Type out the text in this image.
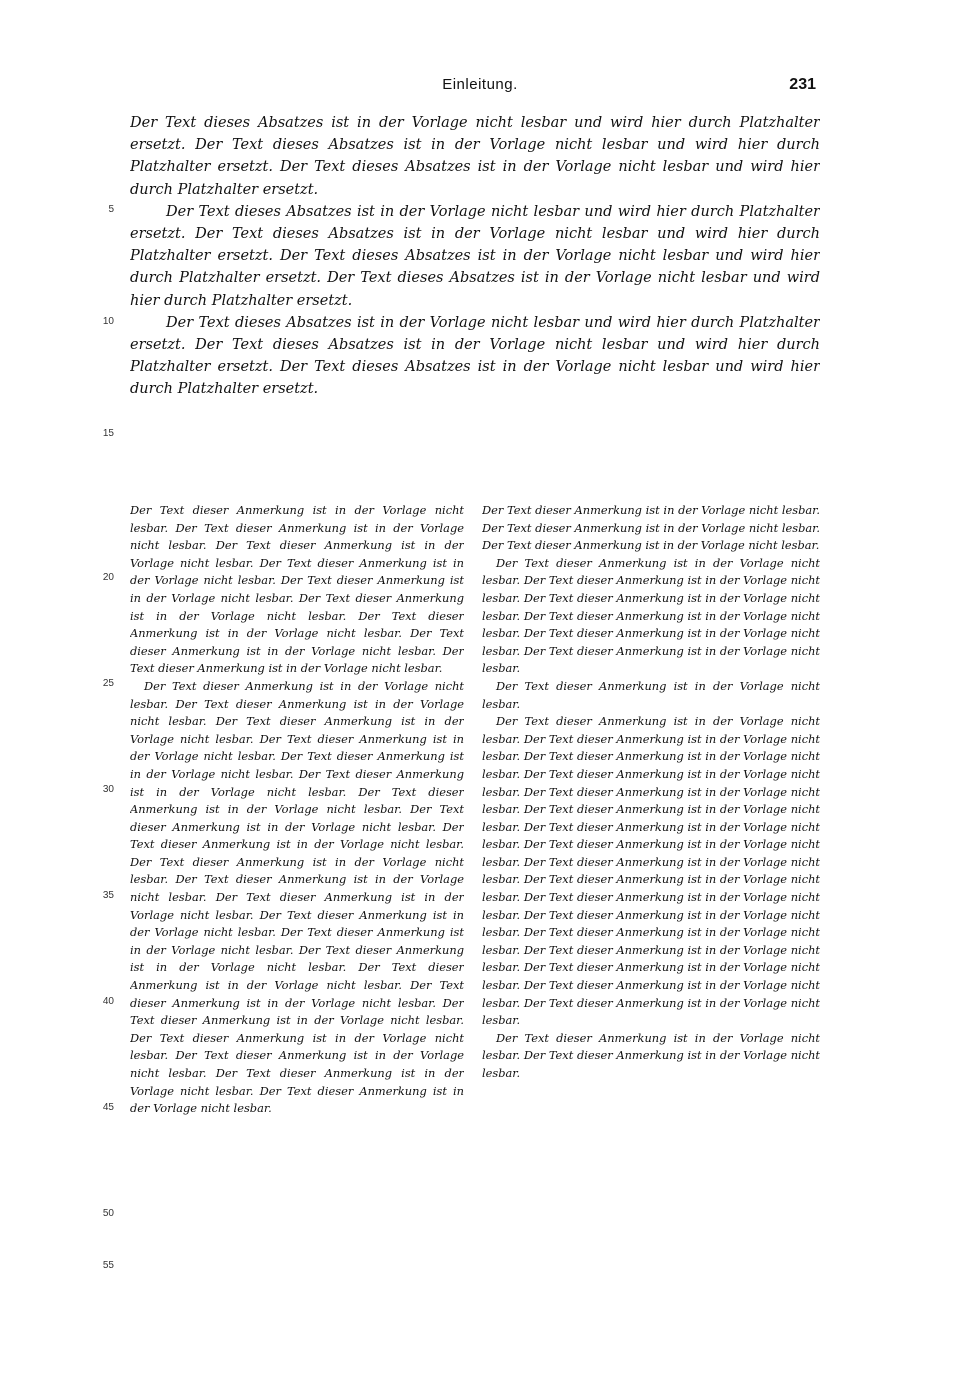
Einleitung.	231
5
10
15

Der Text dieses Absatzes ist in der Vorlage nicht lesbar und wird hier durch Platzhalter ersetzt. Der Text dieses Absatzes ist in der Vorlage nicht lesbar und wird hier durch Platzhalter ersetzt. Der Text dieses Absatzes ist in der Vorlage nicht lesbar und wird hier durch Platzhalter ersetzt.

Der Text dieses Absatzes ist in der Vorlage nicht lesbar und wird hier durch Platzhalter ersetzt. Der Text dieses Absatzes ist in der Vorlage nicht lesbar und wird hier durch Platzhalter ersetzt. Der Text dieses Absatzes ist in der Vorlage nicht lesbar und wird hier durch Platzhalter ersetzt. Der Text dieses Absatzes ist in der Vorlage nicht lesbar und wird hier durch Platzhalter ersetzt.

Der Text dieses Absatzes ist in der Vorlage nicht lesbar und wird hier durch Platzhalter ersetzt. Der Text dieses Absatzes ist in der Vorlage nicht lesbar und wird hier durch Platzhalter ersetzt. Der Text dieses Absatzes ist in der Vorlage nicht lesbar und wird hier durch Platzhalter ersetzt.

20
25
30
35
40
45
50
55

Der Text dieser Anmerkung ist in der Vorlage nicht lesbar. Der Text dieser Anmerkung ist in der Vorlage nicht lesbar. Der Text dieser Anmerkung ist in der Vorlage nicht lesbar. Der Text dieser Anmerkung ist in der Vorlage nicht lesbar. Der Text dieser Anmerkung ist in der Vorlage nicht lesbar. Der Text dieser Anmerkung ist in der Vorlage nicht lesbar. Der Text dieser Anmerkung ist in der Vorlage nicht lesbar. Der Text dieser Anmerkung ist in der Vorlage nicht lesbar. Der Text dieser Anmerkung ist in der Vorlage nicht lesbar.

Der Text dieser Anmerkung ist in der Vorlage nicht lesbar. Der Text dieser Anmerkung ist in der Vorlage nicht lesbar. Der Text dieser Anmerkung ist in der Vorlage nicht lesbar. Der Text dieser Anmerkung ist in der Vorlage nicht lesbar. Der Text dieser Anmerkung ist in der Vorlage nicht lesbar. Der Text dieser Anmerkung ist in der Vorlage nicht lesbar. Der Text dieser Anmerkung ist in der Vorlage nicht lesbar. Der Text dieser Anmerkung ist in der Vorlage nicht lesbar. Der Text dieser Anmerkung ist in der Vorlage nicht lesbar. Der Text dieser Anmerkung ist in der Vorlage nicht lesbar. Der Text dieser Anmerkung ist in der Vorlage nicht lesbar. Der Text dieser Anmerkung ist in der Vorlage nicht lesbar. Der Text dieser Anmerkung ist in der Vorlage nicht lesbar. Der Text dieser Anmerkung ist in der Vorlage nicht lesbar. Der Text dieser Anmerkung ist in der Vorlage nicht lesbar. Der Text dieser Anmerkung ist in der Vorlage nicht lesbar. Der Text dieser Anmerkung ist in der Vorlage nicht lesbar. Der Text dieser Anmerkung ist in der Vorlage nicht lesbar. Der Text dieser Anmerkung ist in der Vorlage nicht lesbar. Der Text dieser Anmerkung ist in der Vorlage nicht lesbar. Der Text dieser Anmerkung ist in der Vorlage nicht lesbar. Der Text dieser Anmerkung ist in der Vorlage nicht lesbar.

Der Text dieser Anmerkung ist in der Vorlage nicht lesbar. Der Text dieser Anmerkung ist in der Vorlage nicht lesbar. Der Text dieser Anmerkung ist in der Vorlage nicht lesbar.

Der Text dieser Anmerkung ist in der Vorlage nicht lesbar. Der Text dieser Anmerkung ist in der Vorlage nicht lesbar. Der Text dieser Anmerkung ist in der Vorlage nicht lesbar. Der Text dieser Anmerkung ist in der Vorlage nicht lesbar. Der Text dieser Anmerkung ist in der Vorlage nicht lesbar. Der Text dieser Anmerkung ist in der Vorlage nicht lesbar.

Der Text dieser Anmerkung ist in der Vorlage nicht lesbar.

Der Text dieser Anmerkung ist in der Vorlage nicht lesbar. Der Text dieser Anmerkung ist in der Vorlage nicht lesbar. Der Text dieser Anmerkung ist in der Vorlage nicht lesbar. Der Text dieser Anmerkung ist in der Vorlage nicht lesbar. Der Text dieser Anmerkung ist in der Vorlage nicht lesbar. Der Text dieser Anmerkung ist in der Vorlage nicht lesbar. Der Text dieser Anmerkung ist in der Vorlage nicht lesbar. Der Text dieser Anmerkung ist in der Vorlage nicht lesbar. Der Text dieser Anmerkung ist in der Vorlage nicht lesbar. Der Text dieser Anmerkung ist in der Vorlage nicht lesbar. Der Text dieser Anmerkung ist in der Vorlage nicht lesbar. Der Text dieser Anmerkung ist in der Vorlage nicht lesbar. Der Text dieser Anmerkung ist in der Vorlage nicht lesbar. Der Text dieser Anmerkung ist in der Vorlage nicht lesbar. Der Text dieser Anmerkung ist in der Vorlage nicht lesbar. Der Text dieser Anmerkung ist in der Vorlage nicht lesbar. Der Text dieser Anmerkung ist in der Vorlage nicht lesbar.

Der Text dieser Anmerkung ist in der Vorlage nicht lesbar. Der Text dieser Anmerkung ist in der Vorlage nicht lesbar.
